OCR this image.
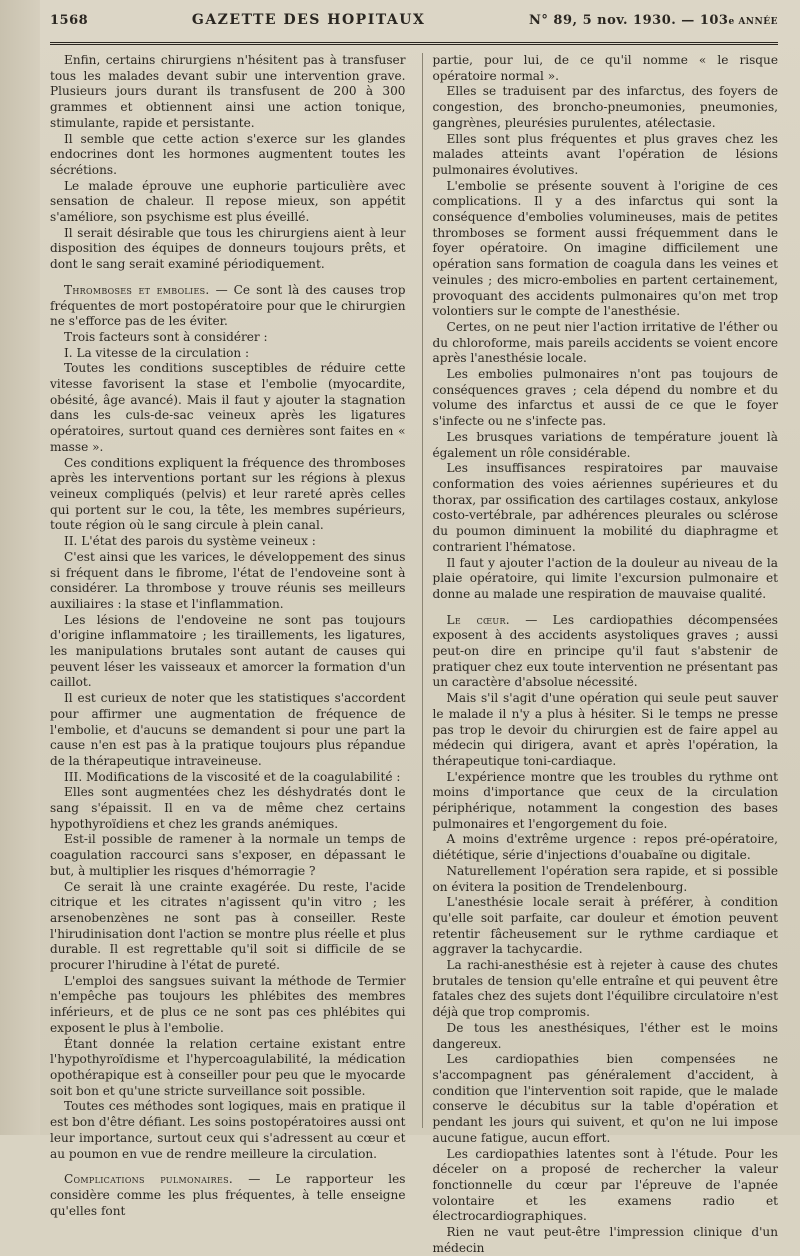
1568	GAZETTE DES HOPITAUX	N° 89, 5 nov. 1930. — 103e ANNÉE

Enfin, certains chirurgiens n'hésitent pas à transfuser tous les malades devant subir une intervention grave. Plusieurs jours durant ils transfusent de 200 à 300 grammes et obtiennent ainsi une action tonique, stimulante, rapide et persistante.

Il semble que cette action s'exerce sur les glandes endocrines dont les hormones augmentent toutes les sécrétions.

Le malade éprouve une euphorie particulière avec sensation de chaleur. Il repose mieux, son appétit s'améliore, son psychisme est plus éveillé.

Il serait désirable que tous les chirurgiens aient à leur disposition des équipes de donneurs toujours prêts, et dont le sang serait examiné périodiquement.

Thromboses et embolies. — Ce sont là des causes trop fréquentes de mort postopératoire pour que le chirurgien ne s'efforce pas de les éviter.

Trois facteurs sont à considérer :

I. La vitesse de la circulation :

Toutes les conditions susceptibles de réduire cette vitesse favorisent la stase et l'embolie (myocardite, obésité, âge avancé). Mais il faut y ajouter la stagnation dans les culs-de-sac veineux après les ligatures opératoires, surtout quand ces dernières sont faites en « masse ».

Ces conditions expliquent la fréquence des thromboses après les interventions portant sur les régions à plexus veineux compliqués (pelvis) et leur rareté après celles qui portent sur le cou, la tête, les membres supérieurs, toute région où le sang circule à plein canal.

II. L'état des parois du système veineux :

C'est ainsi que les varices, le développement des sinus si fréquent dans le fibrome, l'état de l'endoveine sont à considérer. La thrombose y trouve réunis ses meilleurs auxiliaires : la stase et l'inflammation.

Les lésions de l'endoveine ne sont pas toujours d'origine inflammatoire ; les tiraillements, les ligatures, les manipulations brutales sont autant de causes qui peuvent léser les vaisseaux et amorcer la formation d'un caillot.

Il est curieux de noter que les statistiques s'accordent pour affirmer une augmentation de fréquence de l'embolie, et d'aucuns se demandent si pour une part la cause n'en est pas à la pratique toujours plus répandue de la thérapeutique intraveineuse.

III. Modifications de la viscosité et de la coagulabilité :

Elles sont augmentées chez les déshydratés dont le sang s'épaissit. Il en va de même chez certains hypothyroïdiens et chez les grands anémiques.

Est-il possible de ramener à la normale un temps de coagulation raccourci sans s'exposer, en dépassant le but, à multiplier les risques d'hémorragie ?

Ce serait là une crainte exagérée. Du reste, l'acide citrique et les citrates n'agissent qu'in vitro ; les arsenobenzènes ne sont pas à conseiller. Reste l'hirudinisation dont l'action se montre plus réelle et plus durable. Il est regrettable qu'il soit si difficile de se procurer l'hirudine à l'état de pureté.

L'emploi des sangsues suivant la méthode de Termier n'empêche pas toujours les phlébites des membres inférieurs, et de plus ce ne sont pas ces phlébites qui exposent le plus à l'embolie.

Étant donnée la relation certaine existant entre l'hypothyroïdisme et l'hypercoagulabilité, la médication opothérapique est à conseiller pour peu que le myocarde soit bon et qu'une stricte surveillance soit possible.

Toutes ces méthodes sont logiques, mais en pratique il est bon d'être défiant. Les soins postopératoires aussi ont leur importance, surtout ceux qui s'adressent au cœur et au poumon en vue de rendre meilleure la circulation.

Complications pulmonaires. — Le rapporteur les considère comme les plus fréquentes, à telle enseigne qu'elles font

partie, pour lui, de ce qu'il nomme « le risque opératoire normal ».

Elles se traduisent par des infarctus, des foyers de congestion, des broncho-pneumonies, pneumonies, gangrènes, pleurésies purulentes, atélectasie.

Elles sont plus fréquentes et plus graves chez les malades atteints avant l'opération de lésions pulmonaires évolutives.

L'embolie se présente souvent à l'origine de ces complications. Il y a des infarctus qui sont la conséquence d'embolies volumineuses, mais de petites thromboses se forment aussi fréquemment dans le foyer opératoire. On imagine difficilement une opération sans formation de coagula dans les veines et veinules ; des micro-embolies en partent certainement, provoquant des accidents pulmonaires qu'on met trop volontiers sur le compte de l'anesthésie.

Certes, on ne peut nier l'action irritative de l'éther ou du chloroforme, mais pareils accidents se voient encore après l'anesthésie locale.

Les embolies pulmonaires n'ont pas toujours de conséquences graves ; cela dépend du nombre et du volume des infarctus et aussi de ce que le foyer s'infecte ou ne s'infecte pas.

Les brusques variations de température jouent là également un rôle considérable.

Les insuffisances respiratoires par mauvaise conformation des voies aériennes supérieures et du thorax, par ossification des cartilages costaux, ankylose costo-vertébrale, par adhérences pleurales ou sclérose du poumon diminuent la mobilité du diaphragme et contrarient l'hématose.

Il faut y ajouter l'action de la douleur au niveau de la plaie opératoire, qui limite l'excursion pulmonaire et donne au malade une respiration de mauvaise qualité.

Le cœur. — Les cardiopathies décompensées exposent à des accidents asystoliques graves ; aussi peut-on dire en principe qu'il faut s'abstenir de pratiquer chez eux toute intervention ne présentant pas un caractère d'absolue nécessité.

Mais s'il s'agit d'une opération qui seule peut sauver le malade il n'y a plus à hésiter. Si le temps ne presse pas trop le devoir du chirurgien est de faire appel au médecin qui dirigera, avant et après l'opération, la thérapeutique toni-cardiaque.

L'expérience montre que les troubles du rythme ont moins d'importance que ceux de la circulation périphérique, notamment la congestion des bases pulmonaires et l'engorgement du foie.

A moins d'extrême urgence : repos pré-opératoire, diététique, série d'injections d'ouabaïne ou digitale.

Naturellement l'opération sera rapide, et si possible on évitera la position de Trendelenbourg.

L'anesthésie locale serait à préférer, à condition qu'elle soit parfaite, car douleur et émotion peuvent retentir fâcheusement sur le rythme cardiaque et aggraver la tachycardie.

La rachi-anesthésie est à rejeter à cause des chutes brutales de tension qu'elle entraîne et qui peuvent être fatales chez des sujets dont l'équilibre circulatoire n'est déjà que trop compromis.

De tous les anesthésiques, l'éther est le moins dangereux.

Les cardiopathies bien compensées ne s'accompagnent pas généralement d'accident, à condition que l'intervention soit rapide, que le malade conserve le décubitus sur la table d'opération et pendant les jours qui suivent, et qu'on ne lui impose aucune fatigue, aucun effort.

Les cardiopathies latentes sont à l'étude. Pour les déceler on a proposé de rechercher la valeur fonctionnelle du cœur par l'épreuve de l'apnée volontaire et les examens radio et électrocardiographiques.

Rien ne vaut peut-être l'impression clinique d'un médecin
